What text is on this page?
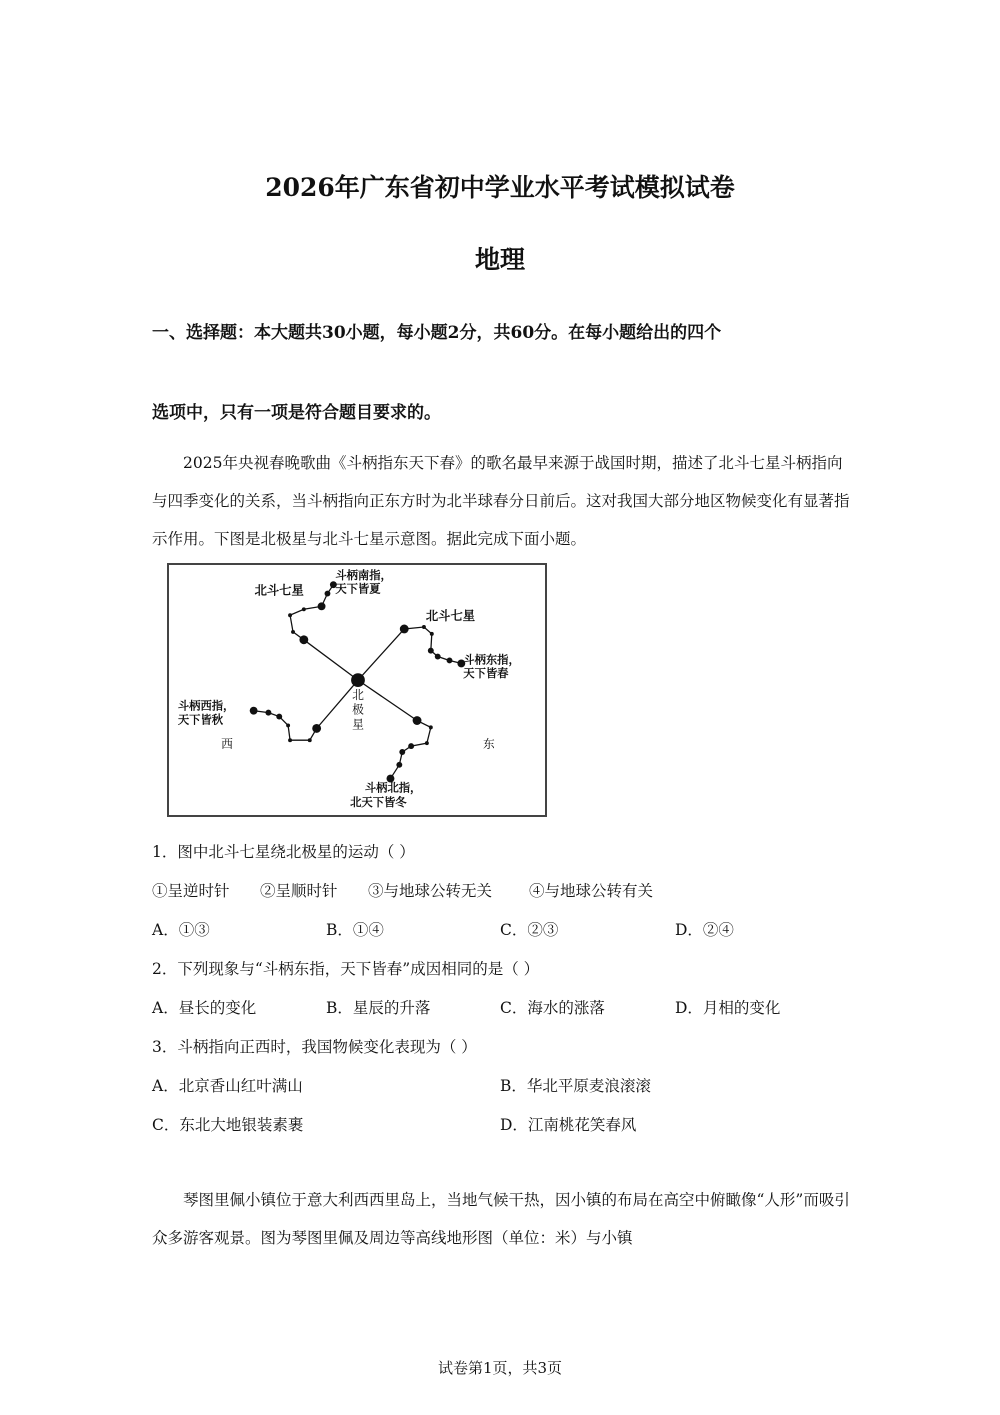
2026年广东省初中学业水平考试模拟试卷
地理
一、选择题：本大题共30小题，每小题2分，共60分。在每小题给出的四个
选项中，只有一项是符合题目要求的。
2025年央视春晚歌曲《斗柄指东天下春》的歌名最早来源于战国时期，描述了北斗七星斗柄指向与四季变化的关系，当斗柄指向正东方时为北半球春分日前后。这对我国大部分地区物候变化有显著指示作用。下图是北极星与北斗七星示意图。据此完成下面小题。
北斗七星
斗柄南指，
天下皆夏
北斗七星
斗柄东指，
天下皆春
斗柄西指，
天下皆秋
斗柄北指，
北天下皆冬
北
极
星
西	东
1．图中北斗七星绕北极星的运动（ ）
①呈逆时针 ②呈顺时针 ③与地球公转无关 ④与地球公转有关
A．①③	B．①④	C．②③	D．②④
2．下列现象与“斗柄东指，天下皆春”成因相同的是（ ）
A．昼长的变化	B．星辰的升落	C．海水的涨落	D．月相的变化
3．斗柄指向正西时，我国物候变化表现为（ ）
A．北京香山红叶满山	B．华北平原麦浪滚滚
C．东北大地银装素裹	D．江南桃花笑春风
琴图里佩小镇位于意大利西西里岛上，当地气候干热，因小镇的布局在高空中俯瞰像“人形”而吸引众多游客观景。图为琴图里佩及周边等高线地形图（单位：米）与小镇
试卷第1页，共3页
